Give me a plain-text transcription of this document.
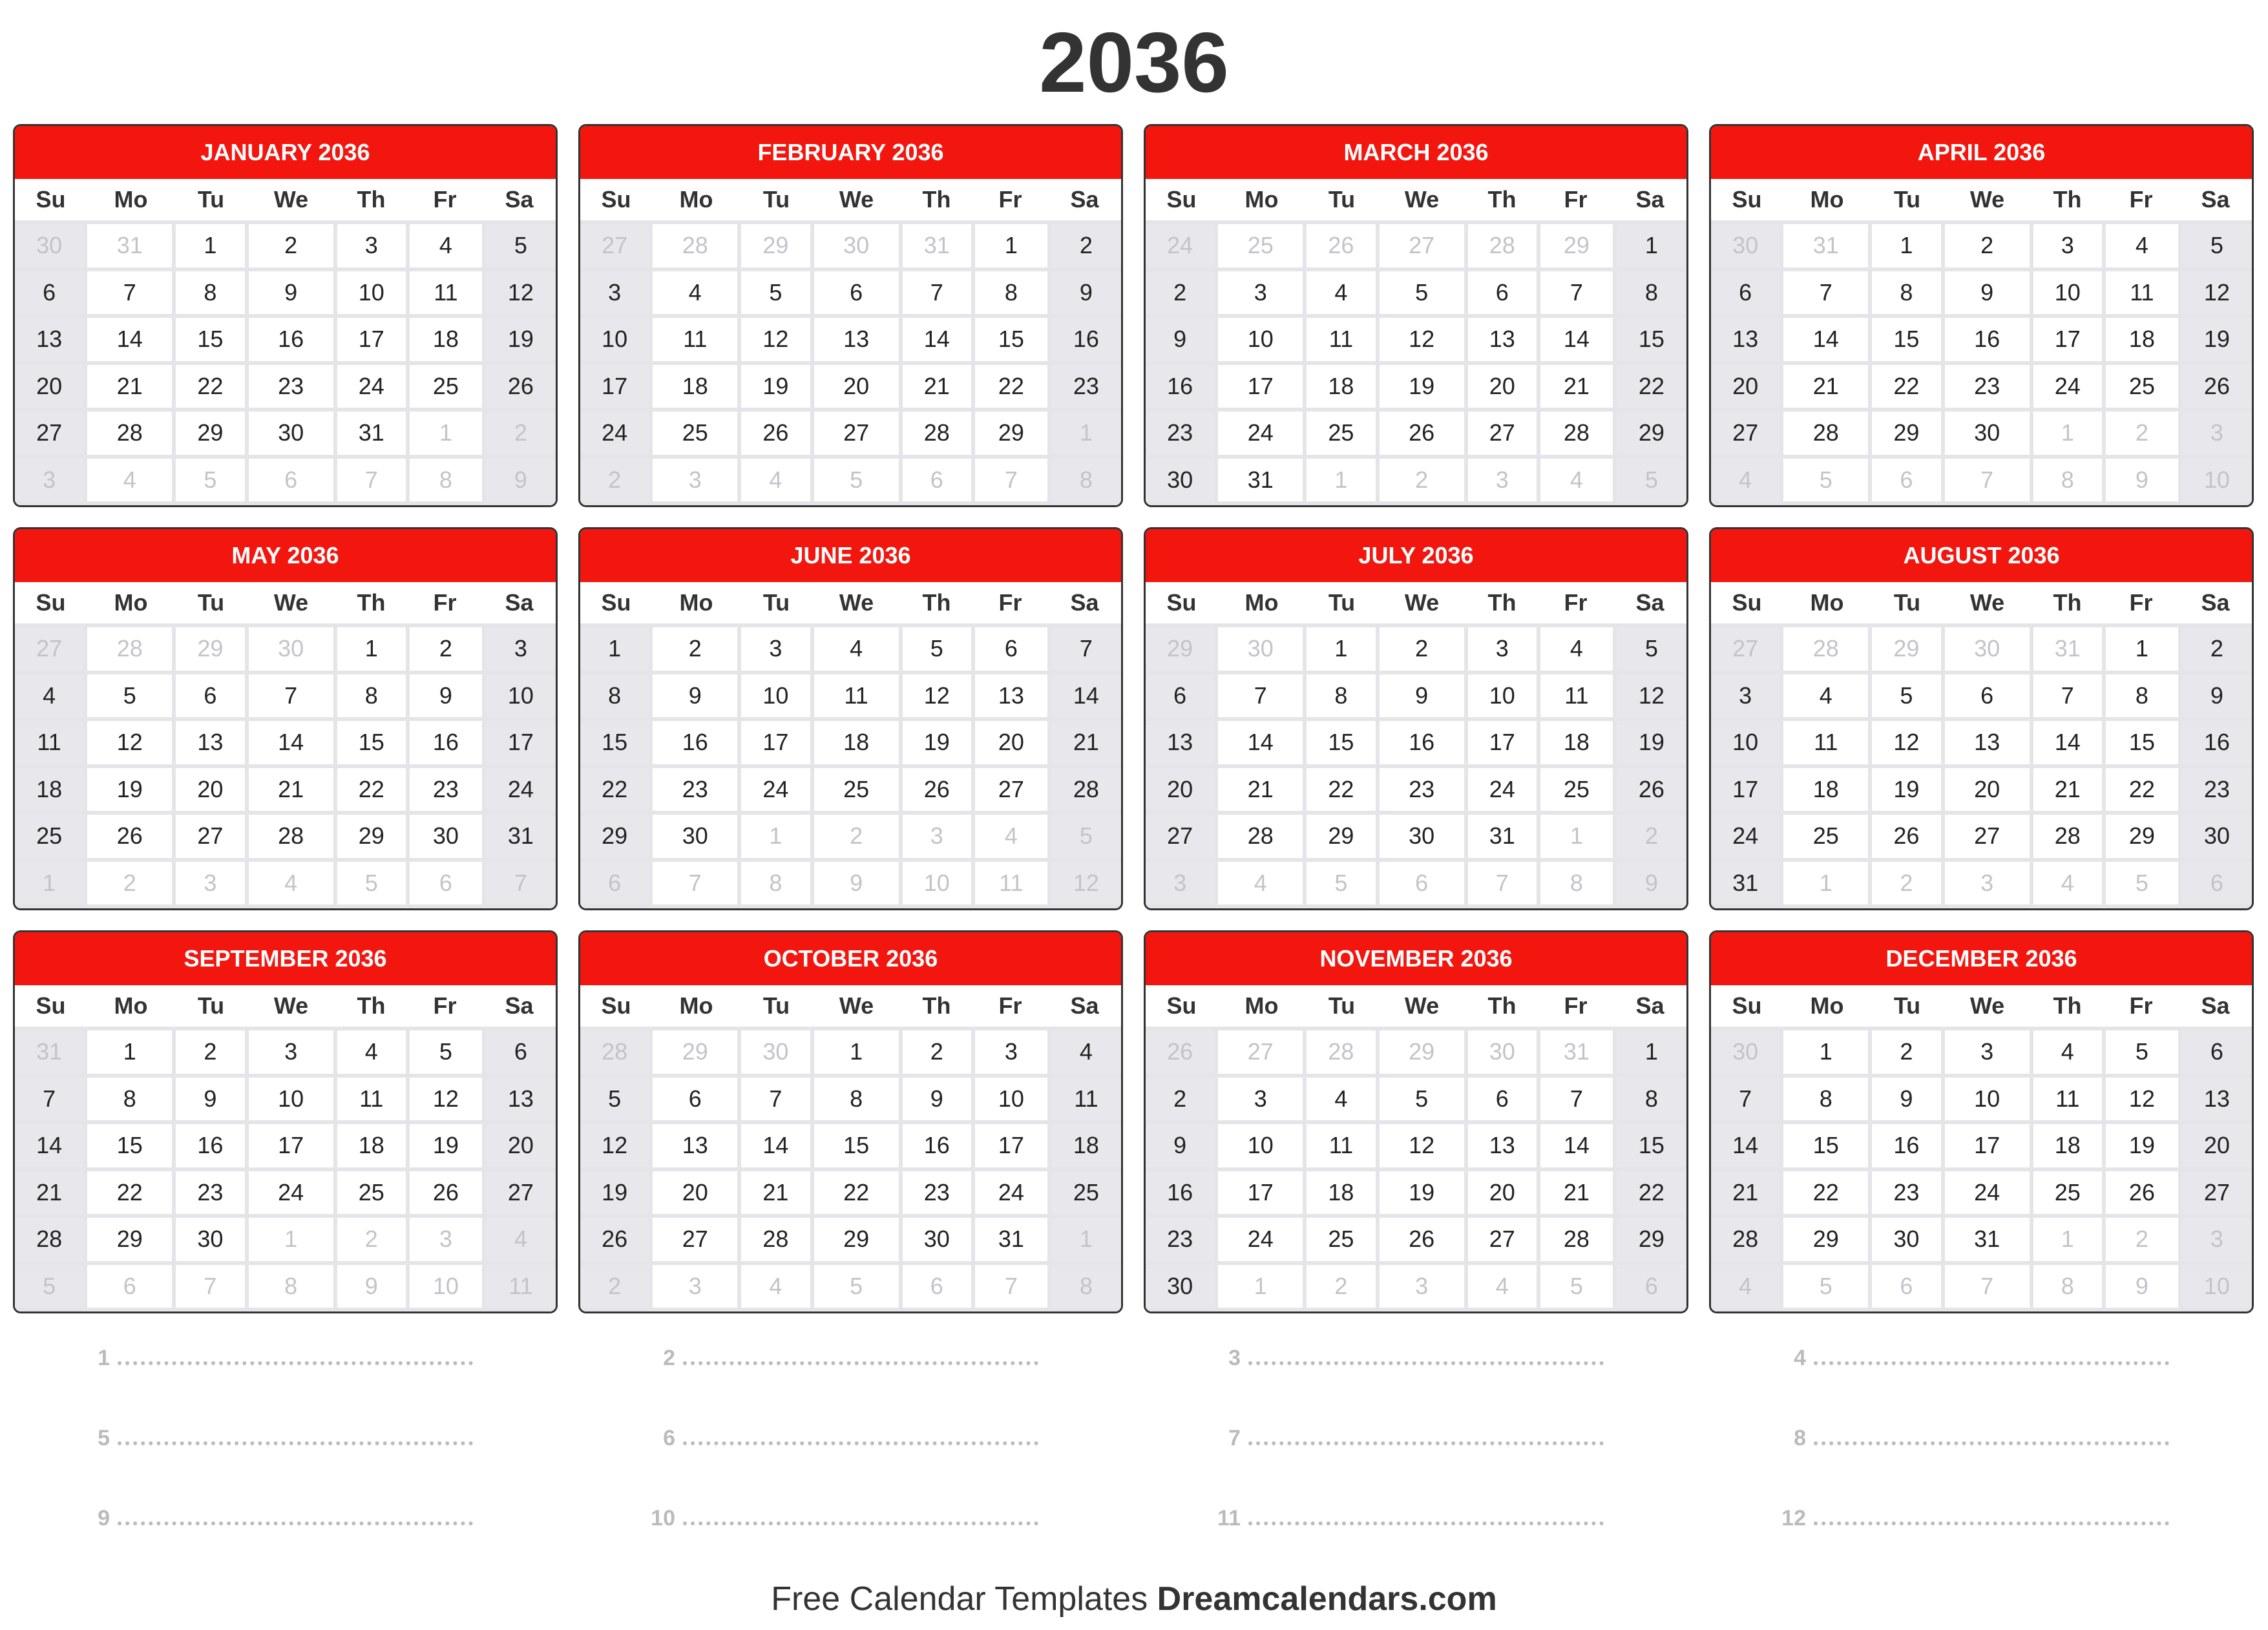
2036
JANUARY 2036
Su	Mo	Tu	We	Th	Fr	Sa
30	31	1	2	3	4	5
6	7	8	9	10	11	12
13	14	15	16	17	18	19
20	21	22	23	24	25	26
27	28	29	30	31	1	2
3	4	5	6	7	8	9
FEBRUARY 2036
Su	Mo	Tu	We	Th	Fr	Sa
27	28	29	30	31	1	2
3	4	5	6	7	8	9
10	11	12	13	14	15	16
17	18	19	20	21	22	23
24	25	26	27	28	29	1
2	3	4	5	6	7	8
MARCH 2036
Su	Mo	Tu	We	Th	Fr	Sa
24	25	26	27	28	29	1
2	3	4	5	6	7	8
9	10	11	12	13	14	15
16	17	18	19	20	21	22
23	24	25	26	27	28	29
30	31	1	2	3	4	5
APRIL 2036
Su	Mo	Tu	We	Th	Fr	Sa
30	31	1	2	3	4	5
6	7	8	9	10	11	12
13	14	15	16	17	18	19
20	21	22	23	24	25	26
27	28	29	30	1	2	3
4	5	6	7	8	9	10
MAY 2036
Su	Mo	Tu	We	Th	Fr	Sa
27	28	29	30	1	2	3
4	5	6	7	8	9	10
11	12	13	14	15	16	17
18	19	20	21	22	23	24
25	26	27	28	29	30	31
1	2	3	4	5	6	7
JUNE 2036
Su	Mo	Tu	We	Th	Fr	Sa
1	2	3	4	5	6	7
8	9	10	11	12	13	14
15	16	17	18	19	20	21
22	23	24	25	26	27	28
29	30	1	2	3	4	5
6	7	8	9	10	11	12
JULY 2036
Su	Mo	Tu	We	Th	Fr	Sa
29	30	1	2	3	4	5
6	7	8	9	10	11	12
13	14	15	16	17	18	19
20	21	22	23	24	25	26
27	28	29	30	31	1	2
3	4	5	6	7	8	9
AUGUST 2036
Su	Mo	Tu	We	Th	Fr	Sa
27	28	29	30	31	1	2
3	4	5	6	7	8	9
10	11	12	13	14	15	16
17	18	19	20	21	22	23
24	25	26	27	28	29	30
31	1	2	3	4	5	6
SEPTEMBER 2036
Su	Mo	Tu	We	Th	Fr	Sa
31	1	2	3	4	5	6
7	8	9	10	11	12	13
14	15	16	17	18	19	20
21	22	23	24	25	26	27
28	29	30	1	2	3	4
5	6	7	8	9	10	11
OCTOBER 2036
Su	Mo	Tu	We	Th	Fr	Sa
28	29	30	1	2	3	4
5	6	7	8	9	10	11
12	13	14	15	16	17	18
19	20	21	22	23	24	25
26	27	28	29	30	31	1
2	3	4	5	6	7	8
NOVEMBER 2036
Su	Mo	Tu	We	Th	Fr	Sa
26	27	28	29	30	31	1
2	3	4	5	6	7	8
9	10	11	12	13	14	15
16	17	18	19	20	21	22
23	24	25	26	27	28	29
30	1	2	3	4	5	6
DECEMBER 2036
Su	Mo	Tu	We	Th	Fr	Sa
30	1	2	3	4	5	6
7	8	9	10	11	12	13
14	15	16	17	18	19	20
21	22	23	24	25	26	27
28	29	30	31	1	2	3
4	5	6	7	8	9	10
1	2	3	4
5	6	7	8
9	10	11	12
Free Calendar Templates Dreamcalendars.com
